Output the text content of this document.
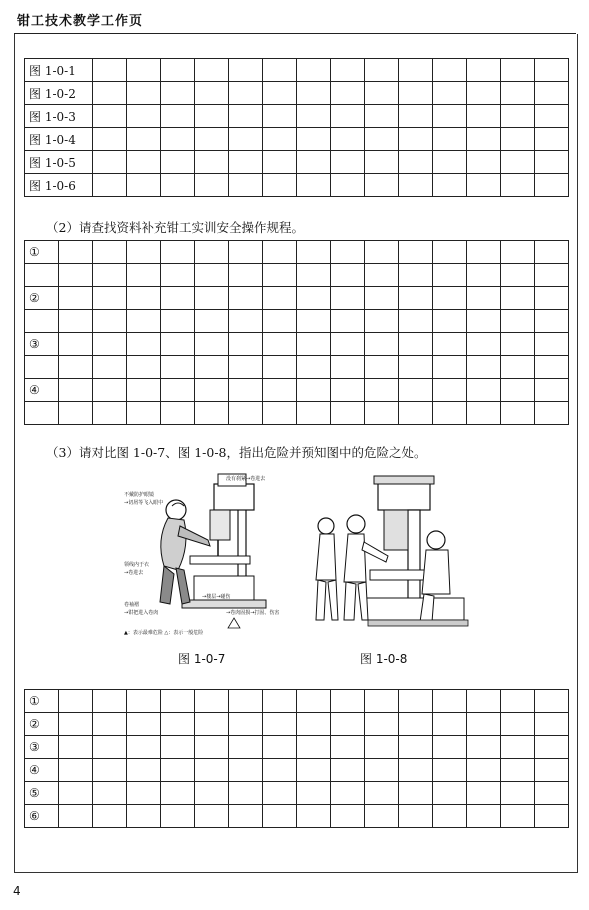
钳工技术教学工作页
图 1-0-1														
图 1-0-2														
图 1-0-3														
图 1-0-4														
图 1-0-5														
图 1-0-6														
（2）请查找资料补充钳工实训安全操作规程。
①															

②															

③															

④															

（3）请对比图 1-0-7、图 1-0-8，指出危险并预知图中的危险之处。
没有刹紧→卷进去
不戴防护眼镜
→切屑等飞入眼中
领线内于衣
→卷进去
→楼层→碰伤
卷袖褶
→钳把进入卷肉	→卷肉固损→打固、伤害
▲：表示最难危险 △：表示一般危险
图 1-0-7	图 1-0-8
①															
②															
③															
④															
⑤															
⑥															
4
